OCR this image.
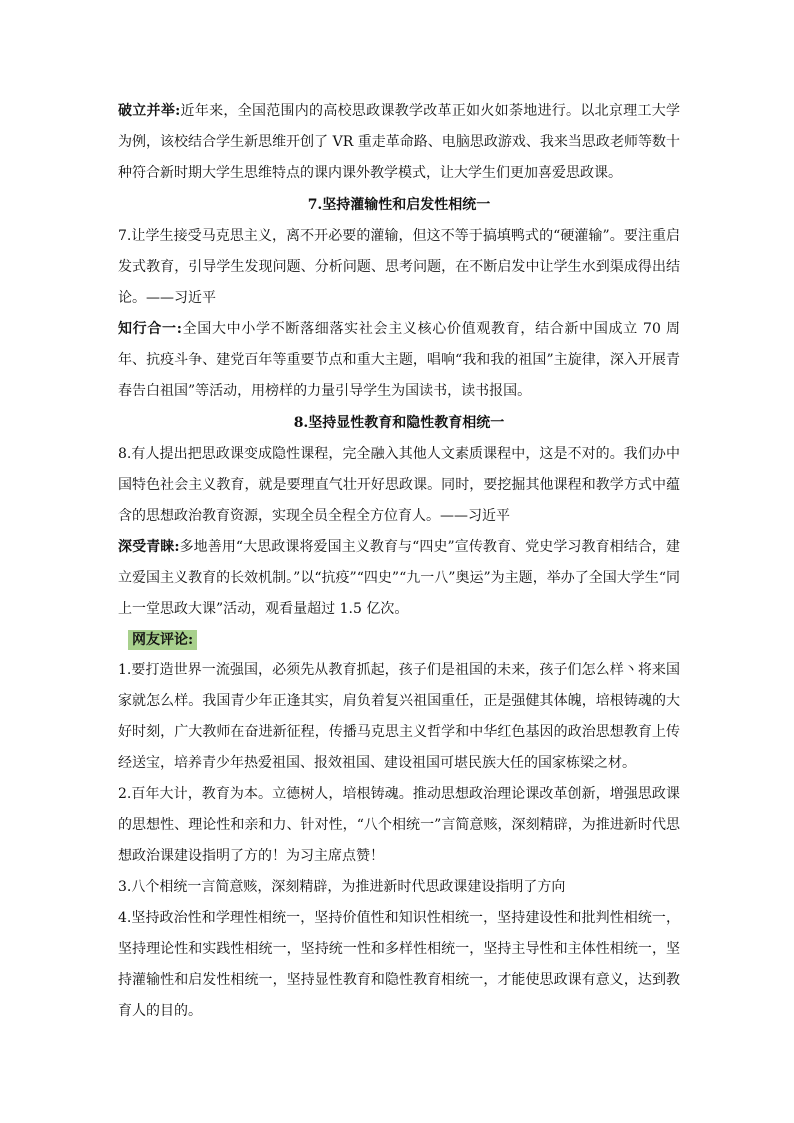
破立并举:近年来，全国范围内的高校思政课教学改革正如火如荼地进行。以北京理工大学为例，该校结合学生新思维开创了 VR 重走革命路、电脑思政游戏、我来当思政老师等数十种符合新时期大学生思维特点的课内课外教学模式，让大学生们更加喜爱思政课。

7.坚持灌输性和启发性相统一

7.让学生接受马克思主义，离不开必要的灌输，但这不等于搞填鸭式的“硬灌输”。要注重启发式教育，引导学生发现问题、分析问题、思考问题，在不断启发中让学生水到渠成得出结论。——习近平

知行合一:全国大中小学不断落细落实社会主义核心价值观教育，结合新中国成立 70 周年、抗疫斗争、建党百年等重要节点和重大主题，唱响“我和我的祖国”主旋律，深入开展青春告白祖国”等活动，用榜样的力量引导学生为国读书，读书报国。

8.坚持显性教育和隐性教育相统一

8.有人提出把思政课变成隐性课程，完全融入其他人文素质课程中，这是不对的。我们办中国特色社会主义教育，就是要理直气壮开好思政课。同时，要挖掘其他课程和教学方式中蕴含的思想政治教育资源，实现全员全程全方位育人。——习近平

深受青睐:多地善用“大思政课将爱国主义教育与“四史”宣传教育、党史学习教育相结合，建立爱国主义教育的长效机制。”以“抗疫”“四史”“九一八”奥运”为主题，举办了全国大学生“同上一堂思政大课”活动，观看量超过 1.5 亿次。

网友评论:

1.要打造世界一流强国，必须先从教育抓起，孩子们是祖国的未来，孩子们怎么样丶将来国家就怎么样。我国青少年正逢其实，肩负着复兴祖国重任，正是强健其体魄，培根铸魂的大好时刻，广大教师在奋进新征程，传播马克思主义哲学和中华红色基因的政治思想教育上传经送宝，培养青少年热爱祖国、报效祖国、建设祖国可堪民族大任的国家栋梁之材。

2.百年大计，教育为本。立德树人，培根铸魂。推动思想政治理论课改革创新，增强思政课的思想性、理论性和亲和力、针对性，“八个相统一”言简意赅，深刻精辟，为推进新时代思想政治课建设指明了方的！为习主席点赞！

3.八个相统一言简意赅，深刻精辟，为推进新时代思政课建设指明了方向

4.坚持政治性和学理性相统一，坚持价值性和知识性相统一，坚持建设性和批判性相统一，坚持理论性和实践性相统一，坚持统一性和多样性相统一，坚持主导性和主体性相统一，坚持灌输性和启发性相统一，坚持显性教育和隐性教育相统一，才能使思政课有意义，达到教育人的目的。
